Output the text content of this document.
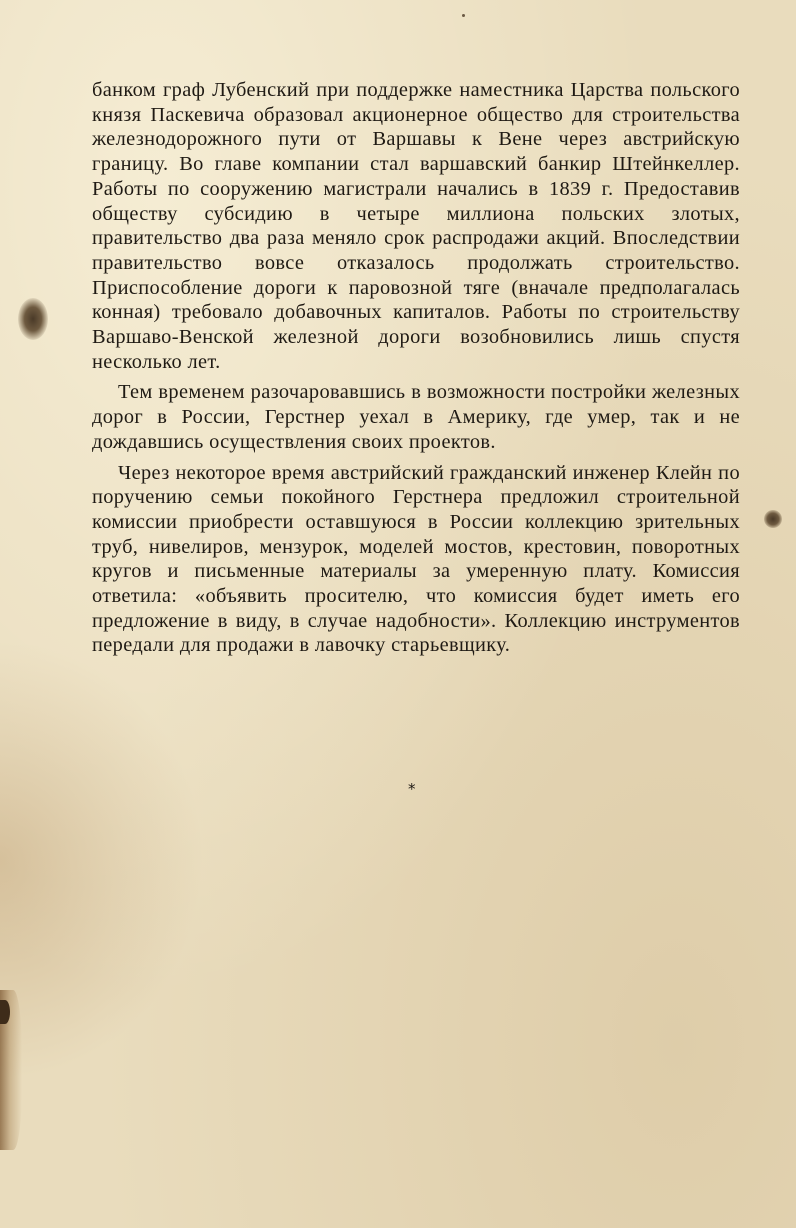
банком граф Лубенский при поддержке наместника Царства польского князя Паскевича образовал акционерное общество для строительства железнодорожного пути от Варшавы к Вене через австрийскую границу. Во главе компании стал варшавский банкир Штейнкеллер. Работы по сооружению магистрали начались в 1839 г. Предоставив обществу субсидию в четыре миллиона польских злотых, правительство два раза меняло срок распродажи акций. Впоследствии правительство вовсе отказалось продолжать строительство. Приспособление дороги к паровозной тяге (вначале предполагалась конная) требовало добавочных капиталов. Работы по строительству Варшаво-Венской железной дороги возобновились лишь спустя несколько лет.

Тем временем разочаровавшись в возможности постройки железных дорог в России, Герстнер уехал в Америку, где умер, так и не дождавшись осуществления своих проектов.

Через некоторое время австрийский гражданский инженер Клейн по поручению семьи покойного Герстнера предложил строительной комиссии приобрести оставшуюся в России коллекцию зрительных труб, нивелиров, мензурок, моделей мостов, крестовин, поворотных кругов и письменные материалы за умеренную плату. Комиссия ответила: «объявить просителю, что комиссия будет иметь его предложение в виду, в случае надобности». Коллекцию инструментов передали для продажи в лавочку старьевщику.

*
